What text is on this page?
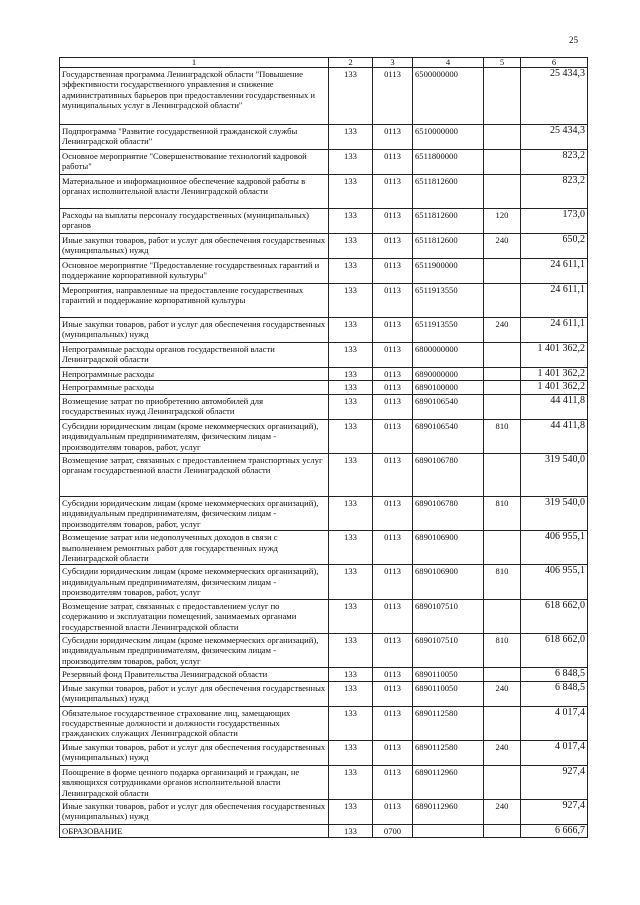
25
1	2	3	4	5	6
Государственная программа Ленинградской области "Повышение эффективности государственного управления и снижение административных барьеров при предоставлении государственных и муниципальных услуг в Ленинградской области"	133	0113	6500000000		25 434,3
Подпрограмма "Развитие государственной гражданской службы Ленинградской области"	133	0113	6510000000		25 434,3
Основное мероприятие "Совершенствование технологий кадровой работы"	133	0113	6511800000		823,2
Материальное и информационное обеспечение кадровой работы в органах исполнительной власти Ленинградской области	133	0113	6511812600		823,2
Расходы на выплаты персоналу государственных (муниципальных) органов	133	0113	6511812600	120	173,0
Иные закупки товаров, работ и услуг для обеспечения государственных (муниципальных) нужд	133	0113	6511812600	240	650,2
Основное мероприятие "Предоставление государственных гарантий и поддержание корпоративной культуры"	133	0113	6511900000		24 611,1
Мероприятия, направленные на предоставление государственных гарантий и поддержание корпоративной культуры	133	0113	6511913550		24 611,1
Иные закупки товаров, работ и услуг для обеспечения государственных (муниципальных) нужд	133	0113	6511913550	240	24 611,1
Непрограммные расходы органов государственной власти Ленинградской области	133	0113	6800000000		1 401 362,2
Непрограммные расходы	133	0113	6890000000		1 401 362,2
Непрограммные расходы	133	0113	6890100000		1 401 362,2
Возмещение затрат по приобретению автомобилей для государственных нужд Ленинградской области	133	0113	6890106540		44 411,8
Субсидии юридическим лицам (кроме некоммерческих организаций), индивидуальным предпринимателям, физическим лицам - производителям товаров, работ, услуг	133	0113	6890106540	810	44 411,8
Возмещение затрат, связанных с предоставлением транспортных услуг органам государственной власти Ленинградской области	133	0113	6890106780		319 540,0
Субсидии юридическим лицам (кроме некоммерческих организаций), индивидуальным предпринимателям, физическим лицам - производителям товаров, работ, услуг	133	0113	6890106780	810	319 540,0
Возмещение затрат или недополученных доходов в связи с выполнением ремонтных работ для государственных нужд Ленинградской области	133	0113	6890106900		406 955,1
Субсидии юридическим лицам (кроме некоммерческих организаций), индивидуальным предпринимателям, физическим лицам - производителям товаров, работ, услуг	133	0113	6890106900	810	406 955,1
Возмещение затрат, связанных с предоставлением услуг по содержанию и эксплуатации помещений, занимаемых органами государственной власти Ленинградской области	133	0113	6890107510		618 662,0
Субсидии юридическим лицам (кроме некоммерческих организаций), индивидуальным предпринимателям, физическим лицам - производителям товаров, работ, услуг	133	0113	6890107510	810	618 662,0
Резервный фонд Правительства Ленинградской области	133	0113	6890110050		6 848,5
Иные закупки товаров, работ и услуг для обеспечения государственных (муниципальных) нужд	133	0113	6890110050	240	6 848,5
Обязательное государственное страхование лиц, замещающих государственные должности и должности государственных гражданских служащих Ленинградской области	133	0113	6890112580		4 017,4
Иные закупки товаров, работ и услуг для обеспечения государственных (муниципальных) нужд	133	0113	6890112580	240	4 017,4
Поощрение в форме ценного подарка организаций и граждан, не являющихся сотрудниками органов исполнительной власти Ленинградской области	133	0113	6890112960		927,4
Иные закупки товаров, работ и услуг для обеспечения государственных (муниципальных) нужд	133	0113	6890112960	240	927,4
ОБРАЗОВАНИЕ	133	0700			6 666,7
